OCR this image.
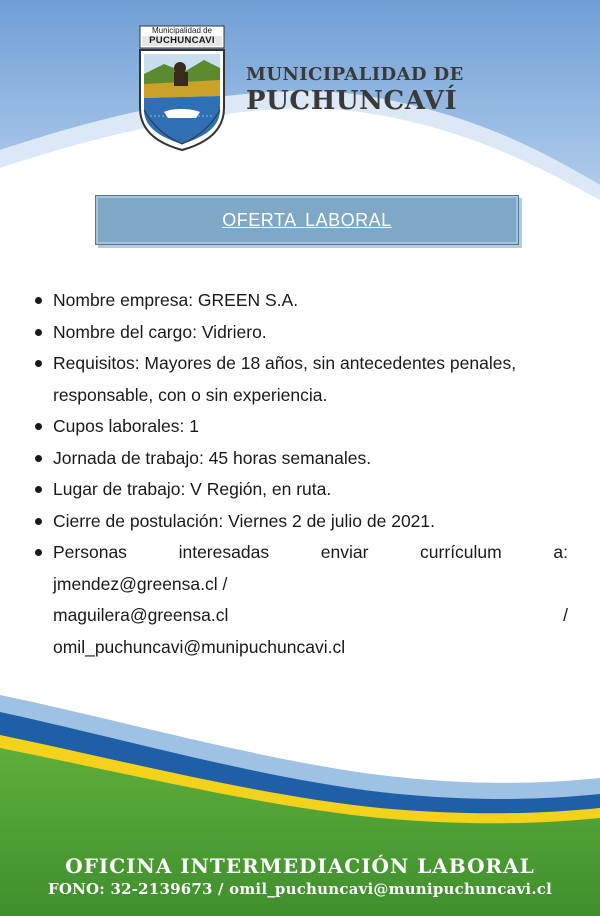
Municipalidad de
PUCHUNCAVI
MUNICIPALIDAD DE
PUCHUNCAVÍ
OFERTA LABORAL
Nombre empresa: GREEN S.A.
Nombre del cargo: Vidriero.
Requisitos: Mayores de 18 años, sin antecedentes penales, responsable, con o sin experiencia.
Cupos laborales: 1
Jornada de trabajo: 45 horas semanales.
Lugar de trabajo: V Región, en ruta.
Cierre de postulación: Viernes 2 de julio de 2021.
Personas interesadas enviar currículum a:
jmendez@greensa.cl /
maguilera@greensa.cl /
omil_puchuncavi@munipuchuncavi.cl
OFICINA INTERMEDIACIÓN LABORAL
FONO: 32-2139673 / omil_puchuncavi@munipuchuncavi.cl
